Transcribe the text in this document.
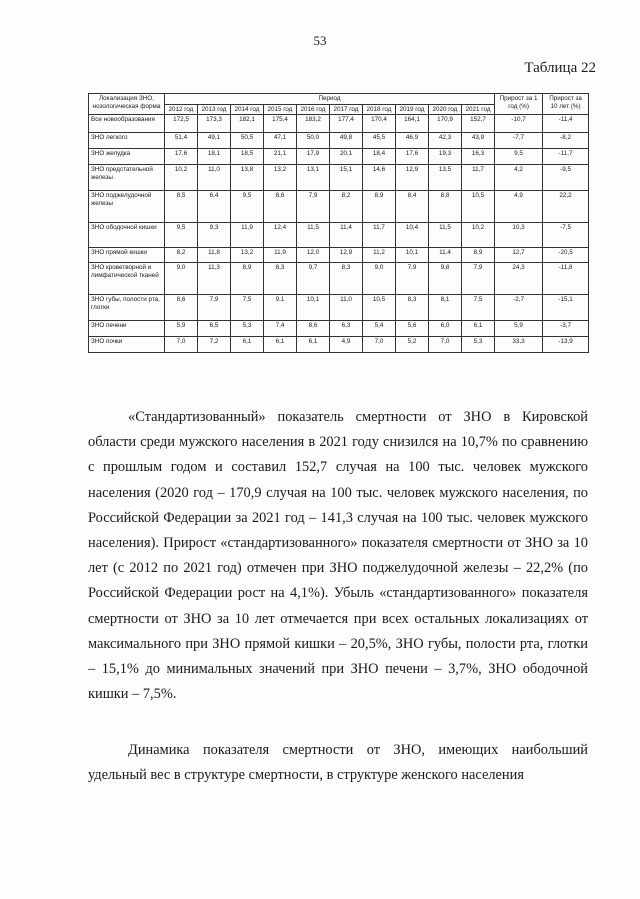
53
Таблица 22
Локализация ЗНО, нозологическая форма	Период										Прирост за 1 год (%)	Прирост за 10 лет (%)
	2012 год	2013 год	2014 год	2015 год	2016 год	2017 год	2018 год	2019 год	2020 год	2021 год		
Все новообразования	172,5	173,3	182,1	175,4	183,2	177,4	170,4	164,1	170,9	152,7	-10,7	-11,4
ЗНО легкого	51,4	49,1	50,5	47,1	50,0	49,8	45,5	46,9	42,3	43,9	-7,7	-8,2
ЗНО желудка	17,6	18,1	18,5	21,1	17,9	20,1	18,4	17,6	19,3	16,3	9,5	-11,7
ЗНО предстательной железы	10,2	11,0	13,8	13,2	13,1	15,1	14,6	12,9	13,5	11,7	4,2	-9,5
ЗНО поджелудочной железы	8,5	6,4	9,5	8,6	7,9	8,2	8,9	8,4	8,8	10,5	4,9	22,2
ЗНО ободочной кишки	9,5	9,3	11,9	12,4	11,5	11,4	11,7	10,4	11,5	10,2	10,3	-7,5
ЗНО прямой кишки	8,2	11,8	13,2	11,9	12,0	12,9	11,2	10,1	11,4	8,9	12,7	-20,5
ЗНО кроветворной и лимфатической тканей	9,0	11,3	8,9	8,3	9,7	8,3	9,0	7,9	9,8	7,9	24,3	-11,8
ЗНО губы, полости рта, глотки	8,6	7,9	7,5	9,1	10,1	11,0	10,5	8,3	8,1	7,5	-2,7	-15,1
ЗНО печени	5,9	6,5	5,3	7,4	8,6	6,3	5,4	5,6	6,0	6,1	5,9	-3,7
ЗНО почки	7,0	7,2	6,1	6,1	6,1	4,9	7,0	5,2	7,0	5,3	33,3	-13,9

«Стандартизованный» показатель смертности от ЗНО в Кировской области среди мужского населения в 2021 году снизился на 10,7% по сравнению с прошлым годом и составил 152,7 случая на 100 тыс. человек мужского населения (2020 год – 170,9 случая на 100 тыс. человек мужского населения, по Российской Федерации за 2021 год – 141,3 случая на 100 тыс. человек мужского населения). Прирост «стандартизованного» показателя смертности от ЗНО за 10 лет (с 2012 по 2021 год) отмечен при ЗНО поджелудочной железы – 22,2% (по Российской Федерации рост на 4,1%). Убыль «стандартизованного» показателя смертности от ЗНО за 10 лет отмечается при всех остальных локализациях от максимального при ЗНО прямой кишки – 20,5%, ЗНО губы, полости рта, глотки – 15,1% до минимальных значений при ЗНО печени – 3,7%, ЗНО ободочной кишки – 7,5%.

Динамика показателя смертности от ЗНО, имеющих наибольший удельный вес в структуре смертности, в структуре женского населения
